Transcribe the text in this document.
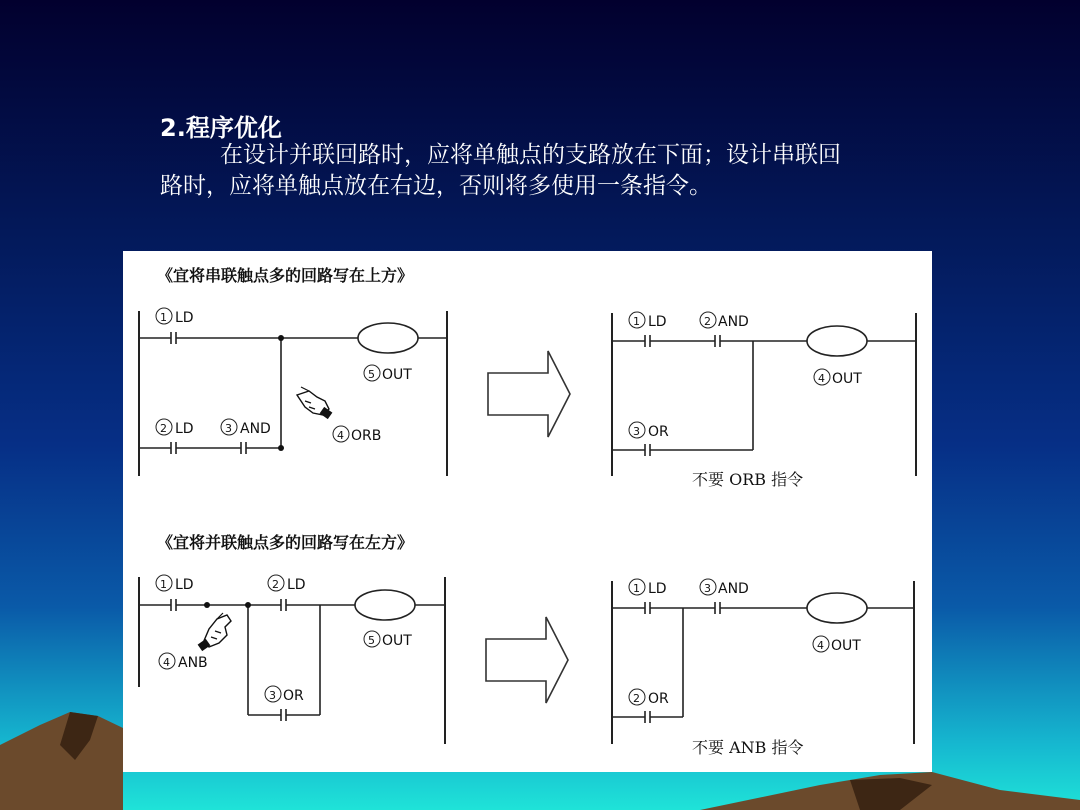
2.程序优化
在设计并联回路时，应将单触点的支路放在下面；设计串联回路时，应将单触点放在右边，否则将多使用一条指令。
《宜将串联触点多的回路写在上方》
1 LD
2 LD	3 AND	4 ORB
5 OUT
1 LD	2 AND
3 OR
4 OUT
不要 ORB 指令
《宜将并联触点多的回路写在左方》
1 LD	2 LD
3 OR
4 ANB
5 OUT
1 LD	3 AND
2 OR
4 OUT
不要 ANB 指令
